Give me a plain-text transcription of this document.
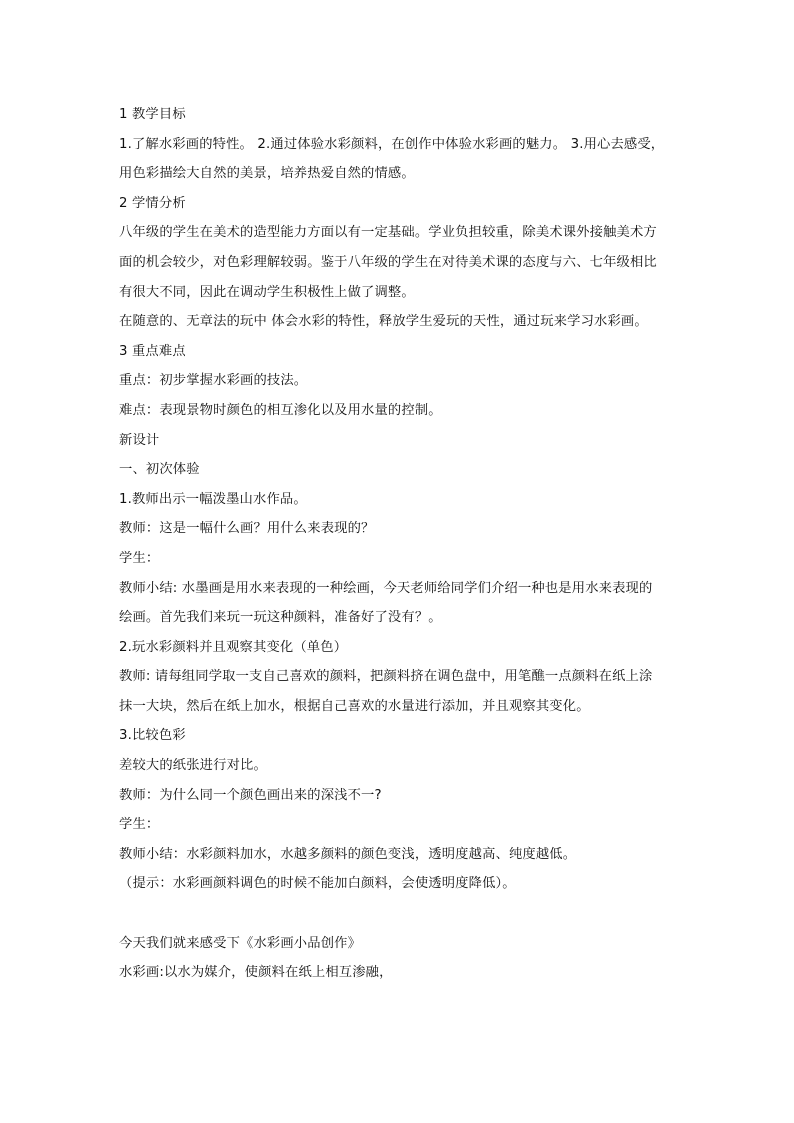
1 教学目标
1.了解水彩画的特性。 2.通过体验水彩颜料，在创作中体验水彩画的魅力。 3.用心去感受，
用色彩描绘大自然的美景，培养热爱自然的情感。
2 学情分析
八年级的学生在美术的造型能力方面以有一定基础。学业负担较重，除美术课外接触美术方
面的机会较少，对色彩理解较弱。鉴于八年级的学生在对待美术课的态度与六、七年级相比
有很大不同，因此在调动学生积极性上做了调整。
在随意的、无章法的玩中 体会水彩的特性，释放学生爱玩的天性，通过玩来学习水彩画。
3 重点难点
重点：初步掌握水彩画的技法。
难点：表现景物时颜色的相互渗化以及用水量的控制。
新设计
一、初次体验
1.教师出示一幅泼墨山水作品。
教师：这是一幅什么画？用什么来表现的？
学生：
教师小结: 水墨画是用水来表现的一种绘画，今天老师给同学们介绍一种也是用水来表现的
绘画。首先我们来玩一玩这种颜料，准备好了没有？。
2.玩水彩颜料并且观察其变化（单色）
教师: 请每组同学取一支自己喜欢的颜料，把颜料挤在调色盘中，用笔醮一点颜料在纸上涂
抹一大块，然后在纸上加水，根据自己喜欢的水量进行添加，并且观察其变化。
3.比较色彩
差较大的纸张进行对比。
教师：为什么同一个颜色画出来的深浅不一?
学生：
教师小结：水彩颜料加水，水越多颜料的颜色变浅，透明度越高、纯度越低。
（提示：水彩画颜料调色的时候不能加白颜料，会使透明度降低）。
今天我们就来感受下《水彩画小品创作》
水彩画:以水为媒介，使颜料在纸上相互渗融，
